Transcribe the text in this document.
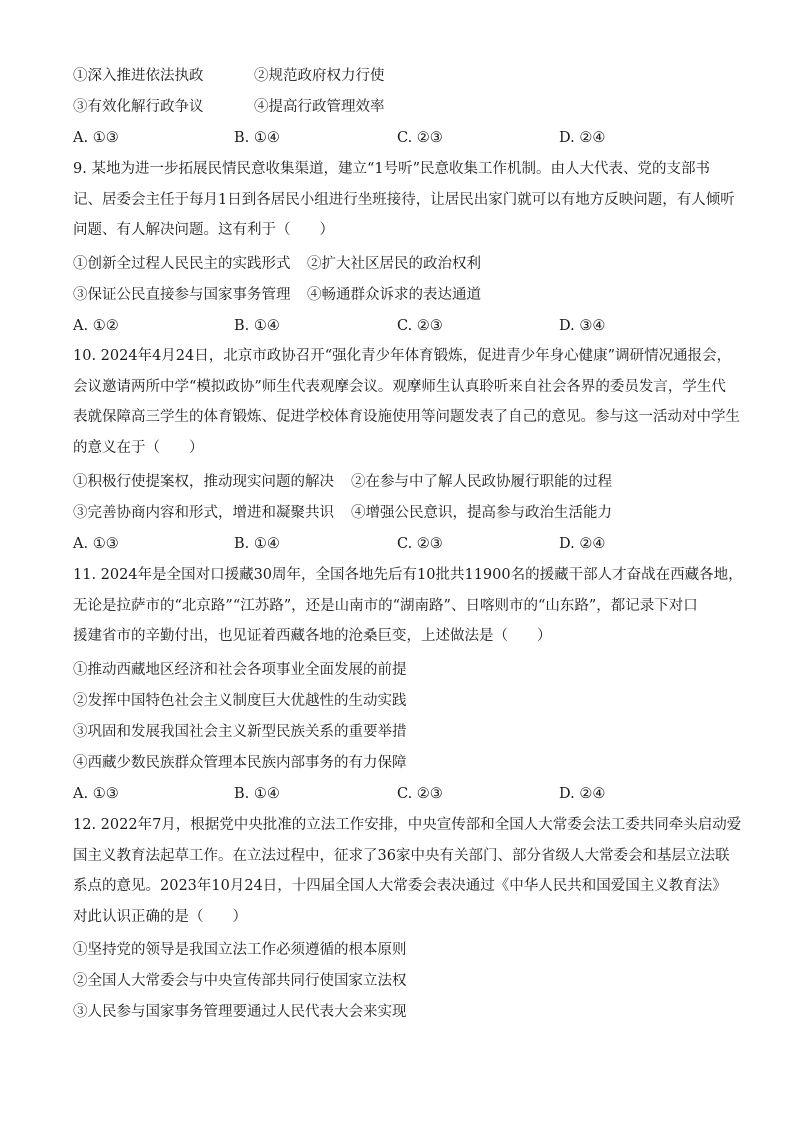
①深入推进依法执政	②规范政府权力行使
③有效化解行政争议	④提高行政管理效率
A. ①③	B. ①④	C. ②③	D. ②④
9. 某地为进一步拓展民情民意收集渠道，建立“1号听”民意收集工作机制。由人大代表、党的支部书
记、居委会主任于每月1日到各居民小组进行坐班接待，让居民出家门就可以有地方反映问题，有人倾听
问题、有人解决问题。这有利于（　　）
①创新全过程人民民主的实践形式 ②扩大社区居民的政治权利
③保证公民直接参与国家事务管理 ④畅通群众诉求的表达通道
A. ①②	B. ①④	C. ②③	D. ③④
10. 2024年4月24日，北京市政协召开“强化青少年体育锻炼，促进青少年身心健康”调研情况通报会，
会议邀请两所中学“模拟政协”师生代表观摩会议。观摩师生认真聆听来自社会各界的委员发言，学生代
表就保障高三学生的体育锻炼、促进学校体育设施使用等问题发表了自己的意见。参与这一活动对中学生
的意义在于（　　）
①积极行使提案权，推动现实问题的解决 ②在参与中了解人民政协履行职能的过程
③完善协商内容和形式，增进和凝聚共识 ④增强公民意识，提高参与政治生活能力
A. ①③	B. ①④	C. ②③	D. ②④
11. 2024年是全国对口援藏30周年，全国各地先后有10批共11900名的援藏干部人才奋战在西藏各地，
无论是拉萨市的“北京路”“江苏路”，还是山南市的“湖南路”、日喀则市的“山东路”，都记录下对口
援建省市的辛勤付出，也见证着西藏各地的沧桑巨变，上述做法是（　　）
①推动西藏地区经济和社会各项事业全面发展的前提
②发挥中国特色社会主义制度巨大优越性的生动实践
③巩固和发展我国社会主义新型民族关系的重要举措
④西藏少数民族群众管理本民族内部事务的有力保障
A. ①③	B. ①④	C. ②③	D. ②④
12. 2022年7月，根据党中央批准的立法工作安排，中央宣传部和全国人大常委会法工委共同牵头启动爱
国主义教育法起草工作。在立法过程中，征求了36家中央有关部门、部分省级人大常委会和基层立法联
系点的意见。2023年10月24日，十四届全国人大常委会表决通过《中华人民共和国爱国主义教育法》
对此认识正确的是（　　）
①坚持党的领导是我国立法工作必须遵循的根本原则
②全国人大常委会与中央宣传部共同行使国家立法权
③人民参与国家事务管理要通过人民代表大会来实现
